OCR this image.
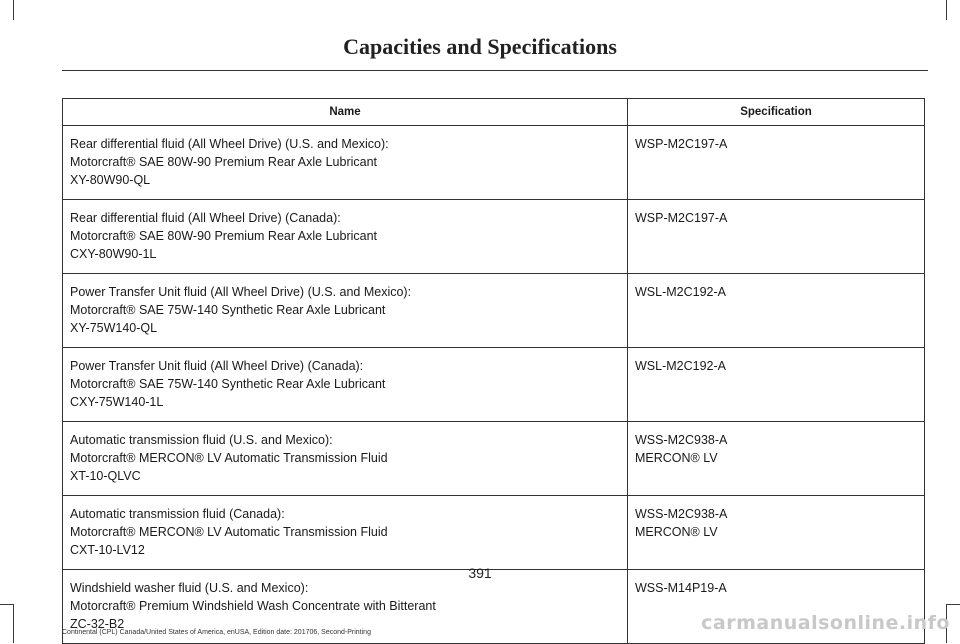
Capacities and Specifications
Name	Specification

Rear differential fluid (All Wheel Drive) (U.S. and Mexico):
Motorcraft® SAE 80W-90 Premium Rear Axle Lubricant
XY-80W90-QL	WSP-M2C197-A

Rear differential fluid (All Wheel Drive) (Canada):
Motorcraft® SAE 80W-90 Premium Rear Axle Lubricant
CXY-80W90-1L	WSP-M2C197-A

Power Transfer Unit fluid (All Wheel Drive) (U.S. and Mexico):
Motorcraft® SAE 75W-140 Synthetic Rear Axle Lubricant
XY-75W140-QL	WSL-M2C192-A

Power Transfer Unit fluid (All Wheel Drive) (Canada):
Motorcraft® SAE 75W-140 Synthetic Rear Axle Lubricant
CXY-75W140-1L	WSL-M2C192-A

Automatic transmission fluid (U.S. and Mexico):
Motorcraft® MERCON® LV Automatic Transmission Fluid
XT-10-QLVC	WSS-M2C938-A
MERCON® LV

Automatic transmission fluid (Canada):
Motorcraft® MERCON® LV Automatic Transmission Fluid
CXT-10-LV12	WSS-M2C938-A
MERCON® LV

Windshield washer fluid (U.S. and Mexico):
Motorcraft® Premium Windshield Wash Concentrate with Bitterant
ZC-32-B2	WSS-M14P19-A
391
Continental (CPL) Canada/United States of America, enUSA, Edition date: 201706, Second-Printing	carmanualsonline.info
